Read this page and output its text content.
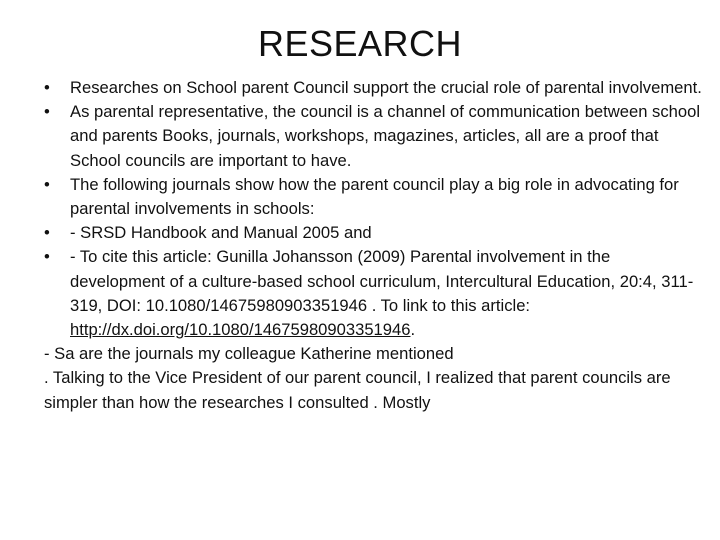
RESEARCH
•	Researches on School parent Council support the crucial role of parental involvement.
•	As parental representative, the council is a channel of communication between school and parents Books, journals, workshops, magazines, articles, all are a proof that School councils are important to have.
•	The following journals show how the parent council play a big role in advocating for parental involvements in schools:
•	- SRSD Handbook and Manual 2005 and
•	- To cite this article: Gunilla Johansson (2009) Parental involvement in the development of a culture-based school curriculum, Intercultural Education, 20:4, 311-319, DOI: 10.1080/14675980903351946 . To link to this article: http://dx.doi.org/10.1080/14675980903351946.

- Sa are the journals my colleague Katherine mentioned

. Talking to the Vice President of our parent council, I realized that parent councils are simpler than how the researches I consulted . Mostly
